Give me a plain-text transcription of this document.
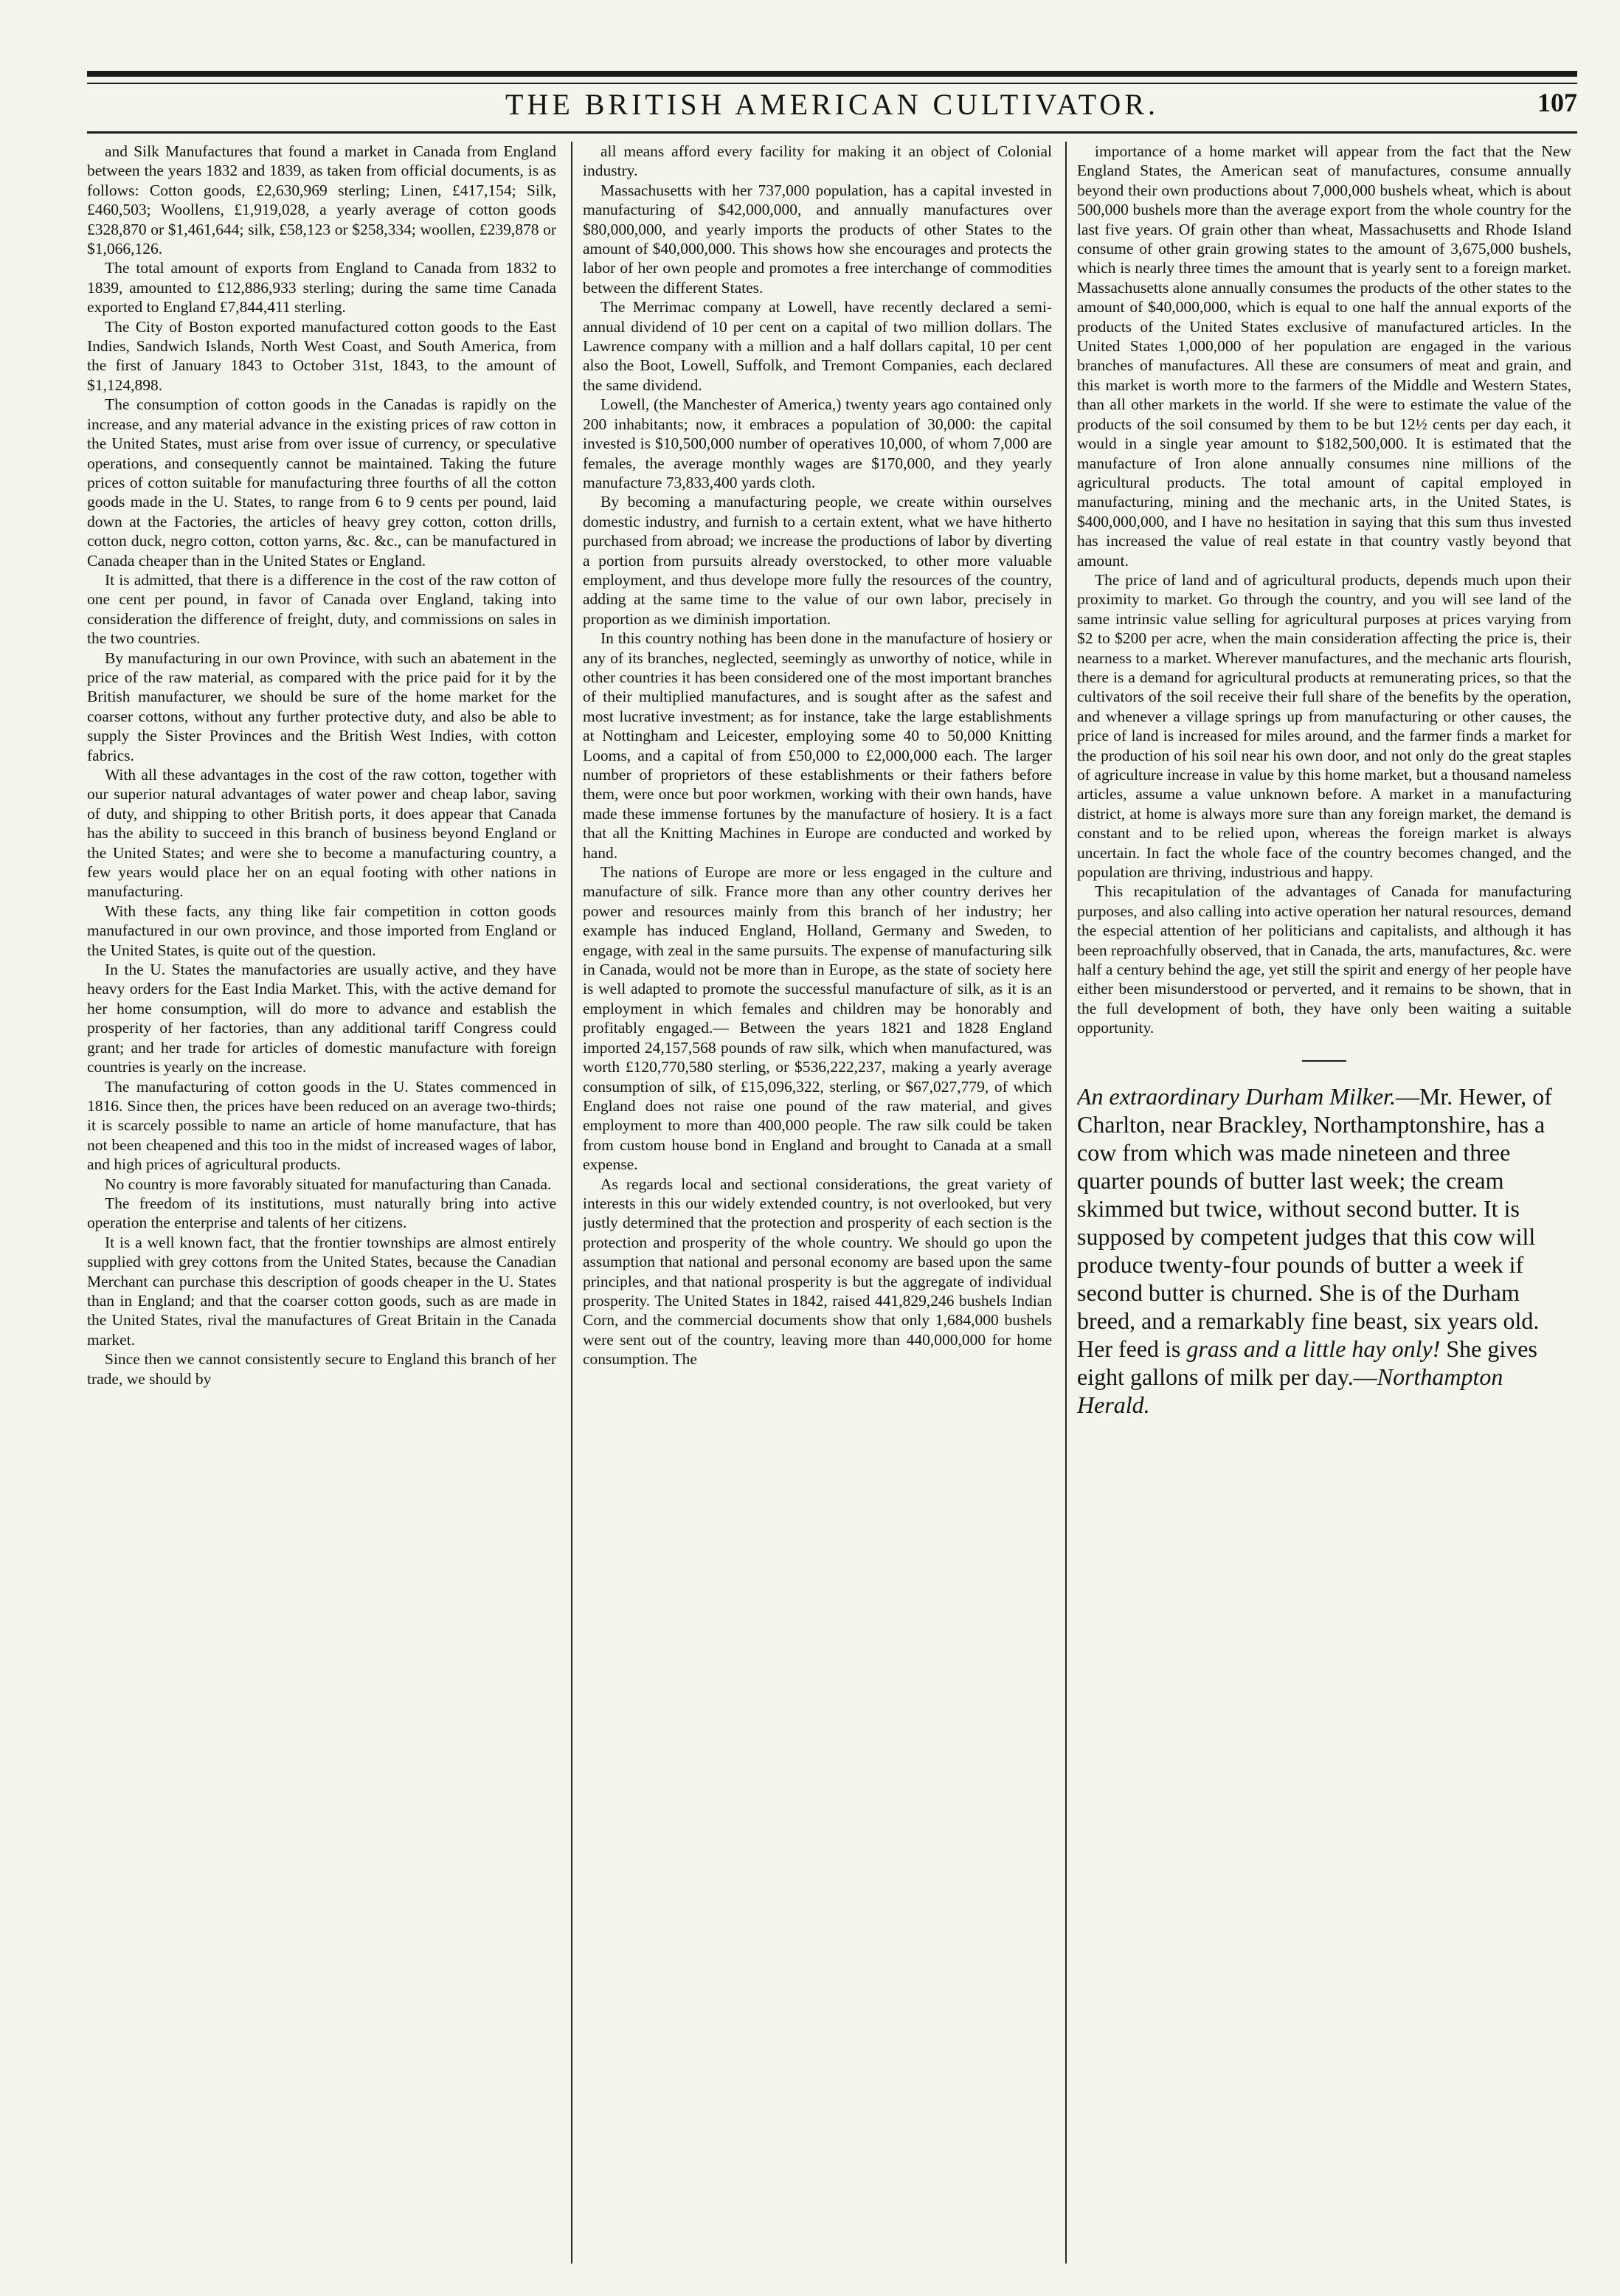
THE BRITISH AMERICAN CULTIVATOR.	107

and Silk Manufactures that found a market in Canada from England between the years 1832 and 1839, as taken from official documents, is as follows: Cotton goods, £2,630,969 sterling; Linen, £417,154; Silk, £460,503; Woollens, £1,919,028, a yearly average of cotton goods £328,870 or $1,461,644; silk, £58,123 or $258,334; woollen, £239,878 or $1,066,126.

The total amount of exports from England to Canada from 1832 to 1839, amounted to £12,886,933 sterling; during the same time Canada exported to England £7,844,411 sterling.

The City of Boston exported manufactured cotton goods to the East Indies, Sandwich Islands, North West Coast, and South America, from the first of January 1843 to October 31st, 1843, to the amount of $1,124,898.

The consumption of cotton goods in the Canadas is rapidly on the increase, and any material advance in the existing prices of raw cotton in the United States, must arise from over issue of currency, or speculative operations, and consequently cannot be maintained. Taking the future prices of cotton suitable for manufacturing three fourths of all the cotton goods made in the U. States, to range from 6 to 9 cents per pound, laid down at the Factories, the articles of heavy grey cotton, cotton drills, cotton duck, negro cotton, cotton yarns, &c. &c., can be manufactured in Canada cheaper than in the United States or England.

It is admitted, that there is a difference in the cost of the raw cotton of one cent per pound, in favor of Canada over England, taking into consideration the difference of freight, duty, and commissions on sales in the two countries.

By manufacturing in our own Province, with such an abatement in the price of the raw material, as compared with the price paid for it by the British manufacturer, we should be sure of the home market for the coarser cottons, without any further protective duty, and also be able to supply the Sister Provinces and the British West Indies, with cotton fabrics.

With all these advantages in the cost of the raw cotton, together with our superior natural advantages of water power and cheap labor, saving of duty, and shipping to other British ports, it does appear that Canada has the ability to succeed in this branch of business beyond England or the United States; and were she to become a manufacturing country, a few years would place her on an equal footing with other nations in manufacturing.

With these facts, any thing like fair competition in cotton goods manufactured in our own province, and those imported from England or the United States, is quite out of the question.

In the U. States the manufactories are usually active, and they have heavy orders for the East India Market. This, with the active demand for her home consumption, will do more to advance and establish the prosperity of her factories, than any additional tariff Congress could grant; and her trade for articles of domestic manufacture with foreign countries is yearly on the increase.

The manufacturing of cotton goods in the U. States commenced in 1816. Since then, the prices have been reduced on an average two-thirds; it is scarcely possible to name an article of home manufacture, that has not been cheapened and this too in the midst of increased wages of labor, and high prices of agricultural products.

No country is more favorably situated for manufacturing than Canada.

The freedom of its institutions, must naturally bring into active operation the enterprise and talents of her citizens.

It is a well known fact, that the frontier townships are almost entirely supplied with grey cottons from the United States, because the Canadian Merchant can purchase this description of goods cheaper in the U. States than in England; and that the coarser cotton goods, such as are made in the United States, rival the manufactures of Great Britain in the Canada market.

Since then we cannot consistently secure to England this branch of her trade, we should by

all means afford every facility for making it an object of Colonial industry.

Massachusetts with her 737,000 population, has a capital invested in manufacturing of $42,000,000, and annually manufactures over $80,000,000, and yearly imports the products of other States to the amount of $40,000,000. This shows how she encourages and protects the labor of her own people and promotes a free interchange of commodities between the different States.

The Merrimac company at Lowell, have recently declared a semi-annual dividend of 10 per cent on a capital of two million dollars. The Lawrence company with a million and a half dollars capital, 10 per cent also the Boot, Lowell, Suffolk, and Tremont Companies, each declared the same dividend.

Lowell, (the Manchester of America,) twenty years ago contained only 200 inhabitants; now, it embraces a population of 30,000: the capital invested is $10,500,000 number of operatives 10,000, of whom 7,000 are females, the average monthly wages are $170,000, and they yearly manufacture 73,833,400 yards cloth.

By becoming a manufacturing people, we create within ourselves domestic industry, and furnish to a certain extent, what we have hitherto purchased from abroad; we increase the productions of labor by diverting a portion from pursuits already overstocked, to other more valuable employment, and thus develope more fully the resources of the country, adding at the same time to the value of our own labor, precisely in proportion as we diminish importation.

In this country nothing has been done in the manufacture of hosiery or any of its branches, neglected, seemingly as unworthy of notice, while in other countries it has been considered one of the most important branches of their multiplied manufactures, and is sought after as the safest and most lucrative investment; as for instance, take the large establishments at Nottingham and Leicester, employing some 40 to 50,000 Knitting Looms, and a capital of from £50,000 to £2,000,000 each. The larger number of proprietors of these establishments or their fathers before them, were once but poor workmen, working with their own hands, have made these immense fortunes by the manufacture of hosiery. It is a fact that all the Knitting Machines in Europe are conducted and worked by hand.

The nations of Europe are more or less engaged in the culture and manufacture of silk. France more than any other country derives her power and resources mainly from this branch of her industry; her example has induced England, Holland, Germany and Sweden, to engage, with zeal in the same pursuits. The expense of manufacturing silk in Canada, would not be more than in Europe, as the state of society here is well adapted to promote the successful manufacture of silk, as it is an employment in which females and children may be honorably and profitably engaged.— Between the years 1821 and 1828 England imported 24,157,568 pounds of raw silk, which when manufactured, was worth £120,770,580 sterling, or $536,222,237, making a yearly average consumption of silk, of £15,096,322, sterling, or $67,027,779, of which England does not raise one pound of the raw material, and gives employment to more than 400,000 people. The raw silk could be taken from custom house bond in England and brought to Canada at a small expense.

As regards local and sectional considerations, the great variety of interests in this our widely extended country, is not overlooked, but very justly determined that the protection and prosperity of each section is the protection and prosperity of the whole country. We should go upon the assumption that national and personal economy are based upon the same principles, and that national prosperity is but the aggregate of individual prosperity. The United States in 1842, raised 441,829,246 bushels Indian Corn, and the commercial documents show that only 1,684,000 bushels were sent out of the country, leaving more than 440,000,000 for home consumption. The

importance of a home market will appear from the fact that the New England States, the American seat of manufactures, consume annually beyond their own productions about 7,000,000 bushels wheat, which is about 500,000 bushels more than the average export from the whole country for the last five years. Of grain other than wheat, Massachusetts and Rhode Island consume of other grain growing states to the amount of 3,675,000 bushels, which is nearly three times the amount that is yearly sent to a foreign market. Massachusetts alone annually consumes the products of the other states to the amount of $40,000,000, which is equal to one half the annual exports of the products of the United States exclusive of manufactured articles. In the United States 1,000,000 of her population are engaged in the various branches of manufactures. All these are consumers of meat and grain, and this market is worth more to the farmers of the Middle and Western States, than all other markets in the world. If she were to estimate the value of the products of the soil consumed by them to be but 12½ cents per day each, it would in a single year amount to $182,500,000. It is estimated that the manufacture of Iron alone annually consumes nine millions of the agricultural products. The total amount of capital employed in manufacturing, mining and the mechanic arts, in the United States, is $400,000,000, and I have no hesitation in saying that this sum thus invested has increased the value of real estate in that country vastly beyond that amount.

The price of land and of agricultural products, depends much upon their proximity to market. Go through the country, and you will see land of the same intrinsic value selling for agricultural purposes at prices varying from $2 to $200 per acre, when the main consideration affecting the price is, their nearness to a market. Wherever manufactures, and the mechanic arts flourish, there is a demand for agricultural products at remunerating prices, so that the cultivators of the soil receive their full share of the benefits by the operation, and whenever a village springs up from manufacturing or other causes, the price of land is increased for miles around, and the farmer finds a market for the production of his soil near his own door, and not only do the great staples of agriculture increase in value by this home market, but a thousand nameless articles, assume a value unknown before. A market in a manufacturing district, at home is always more sure than any foreign market, the demand is constant and to be relied upon, whereas the foreign market is always uncertain. In fact the whole face of the country becomes changed, and the population are thriving, industrious and happy.

This recapitulation of the advantages of Canada for manufacturing purposes, and also calling into active operation her natural resources, demand the especial attention of her politicians and capitalists, and although it has been reproachfully observed, that in Canada, the arts, manufactures, &c. were half a century behind the age, yet still the spirit and energy of her people have either been misunderstood or perverted, and it remains to be shown, that in the full development of both, they have only been waiting a suitable opportunity.

An extraordinary Durham Milker.—Mr. Hewer, of Charlton, near Brackley, Northamptonshire, has a cow from which was made nineteen and three quarter pounds of butter last week; the cream skimmed but twice, without second butter. It is supposed by competent judges that this cow will produce twenty-four pounds of butter a week if second butter is churned. She is of the Durham breed, and a remarkably fine beast, six years old. Her feed is grass and a little hay only! She gives eight gallons of milk per day.—Northampton Herald.
